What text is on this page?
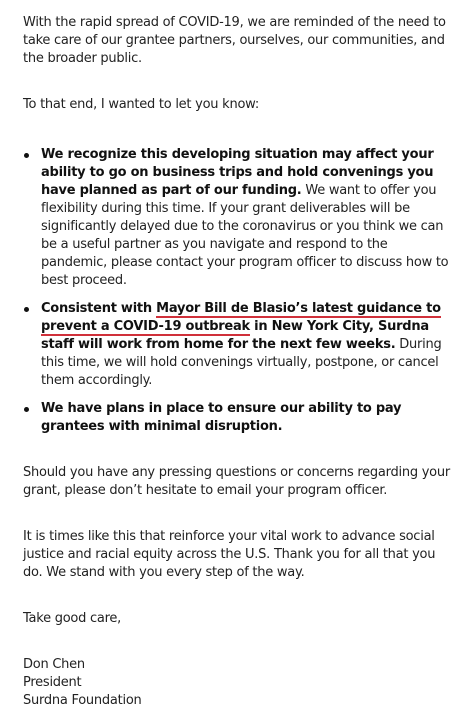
With the rapid spread of COVID-19, we are reminded of the need to take care of our grantee partners, ourselves, our communities, and the broader public.

To that end, I wanted to let you know:

We recognize this developing situation may affect your ability to go on business trips and hold convenings you have planned as part of our funding. We want to offer you flexibility during this time. If your grant deliverables will be significantly delayed due to the coronavirus or you think we can be a useful partner as you navigate and respond to the pandemic, please contact your program officer to discuss how to best proceed.
Consistent with Mayor Bill de Blasio’s latest guidance to prevent a COVID-19 outbreak in New York City, Surdna staff will work from home for the next few weeks. During this time, we will hold convenings virtually, postpone, or cancel them accordingly.
We have plans in place to ensure our ability to pay grantees with minimal disruption.

Should you have any pressing questions or concerns regarding your grant, please don’t hesitate to email your program officer.

It is times like this that reinforce your vital work to advance social justice and racial equity across the U.S. Thank you for all that you do. We stand with you every step of the way.

Take good care,

Don Chen

President

Surdna Foundation
